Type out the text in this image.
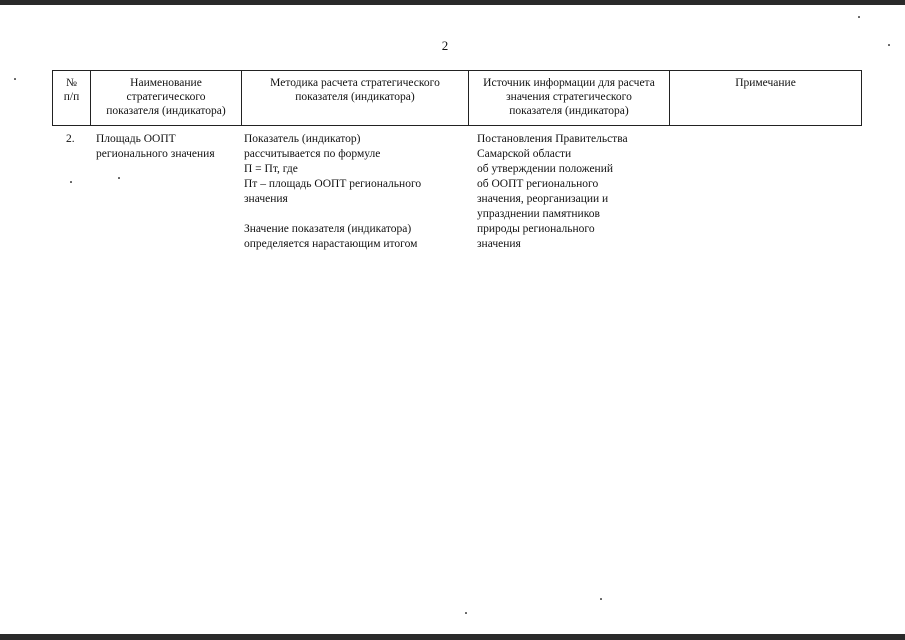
2
№
п/п
Наименование
стратегического
показателя (индикатора)
Методика расчета стратегического
показателя (индикатора)
Источник информации для расчета
значения стратегического
показателя (индикатора)
Примечание
2. Площадь ООПТ
регионального значения
Показатель (индикатор)
рассчитывается по формуле
П = Пт, где
Пт – площадь ООПТ регионального
значения

Значение показателя (индикатора)
определяется нарастающим итогом
Постановления Правительства
Самарской области
об утверждении положений
об ООПТ регионального
значения, реорганизации и
упразднении памятников
природы регионального
значения
